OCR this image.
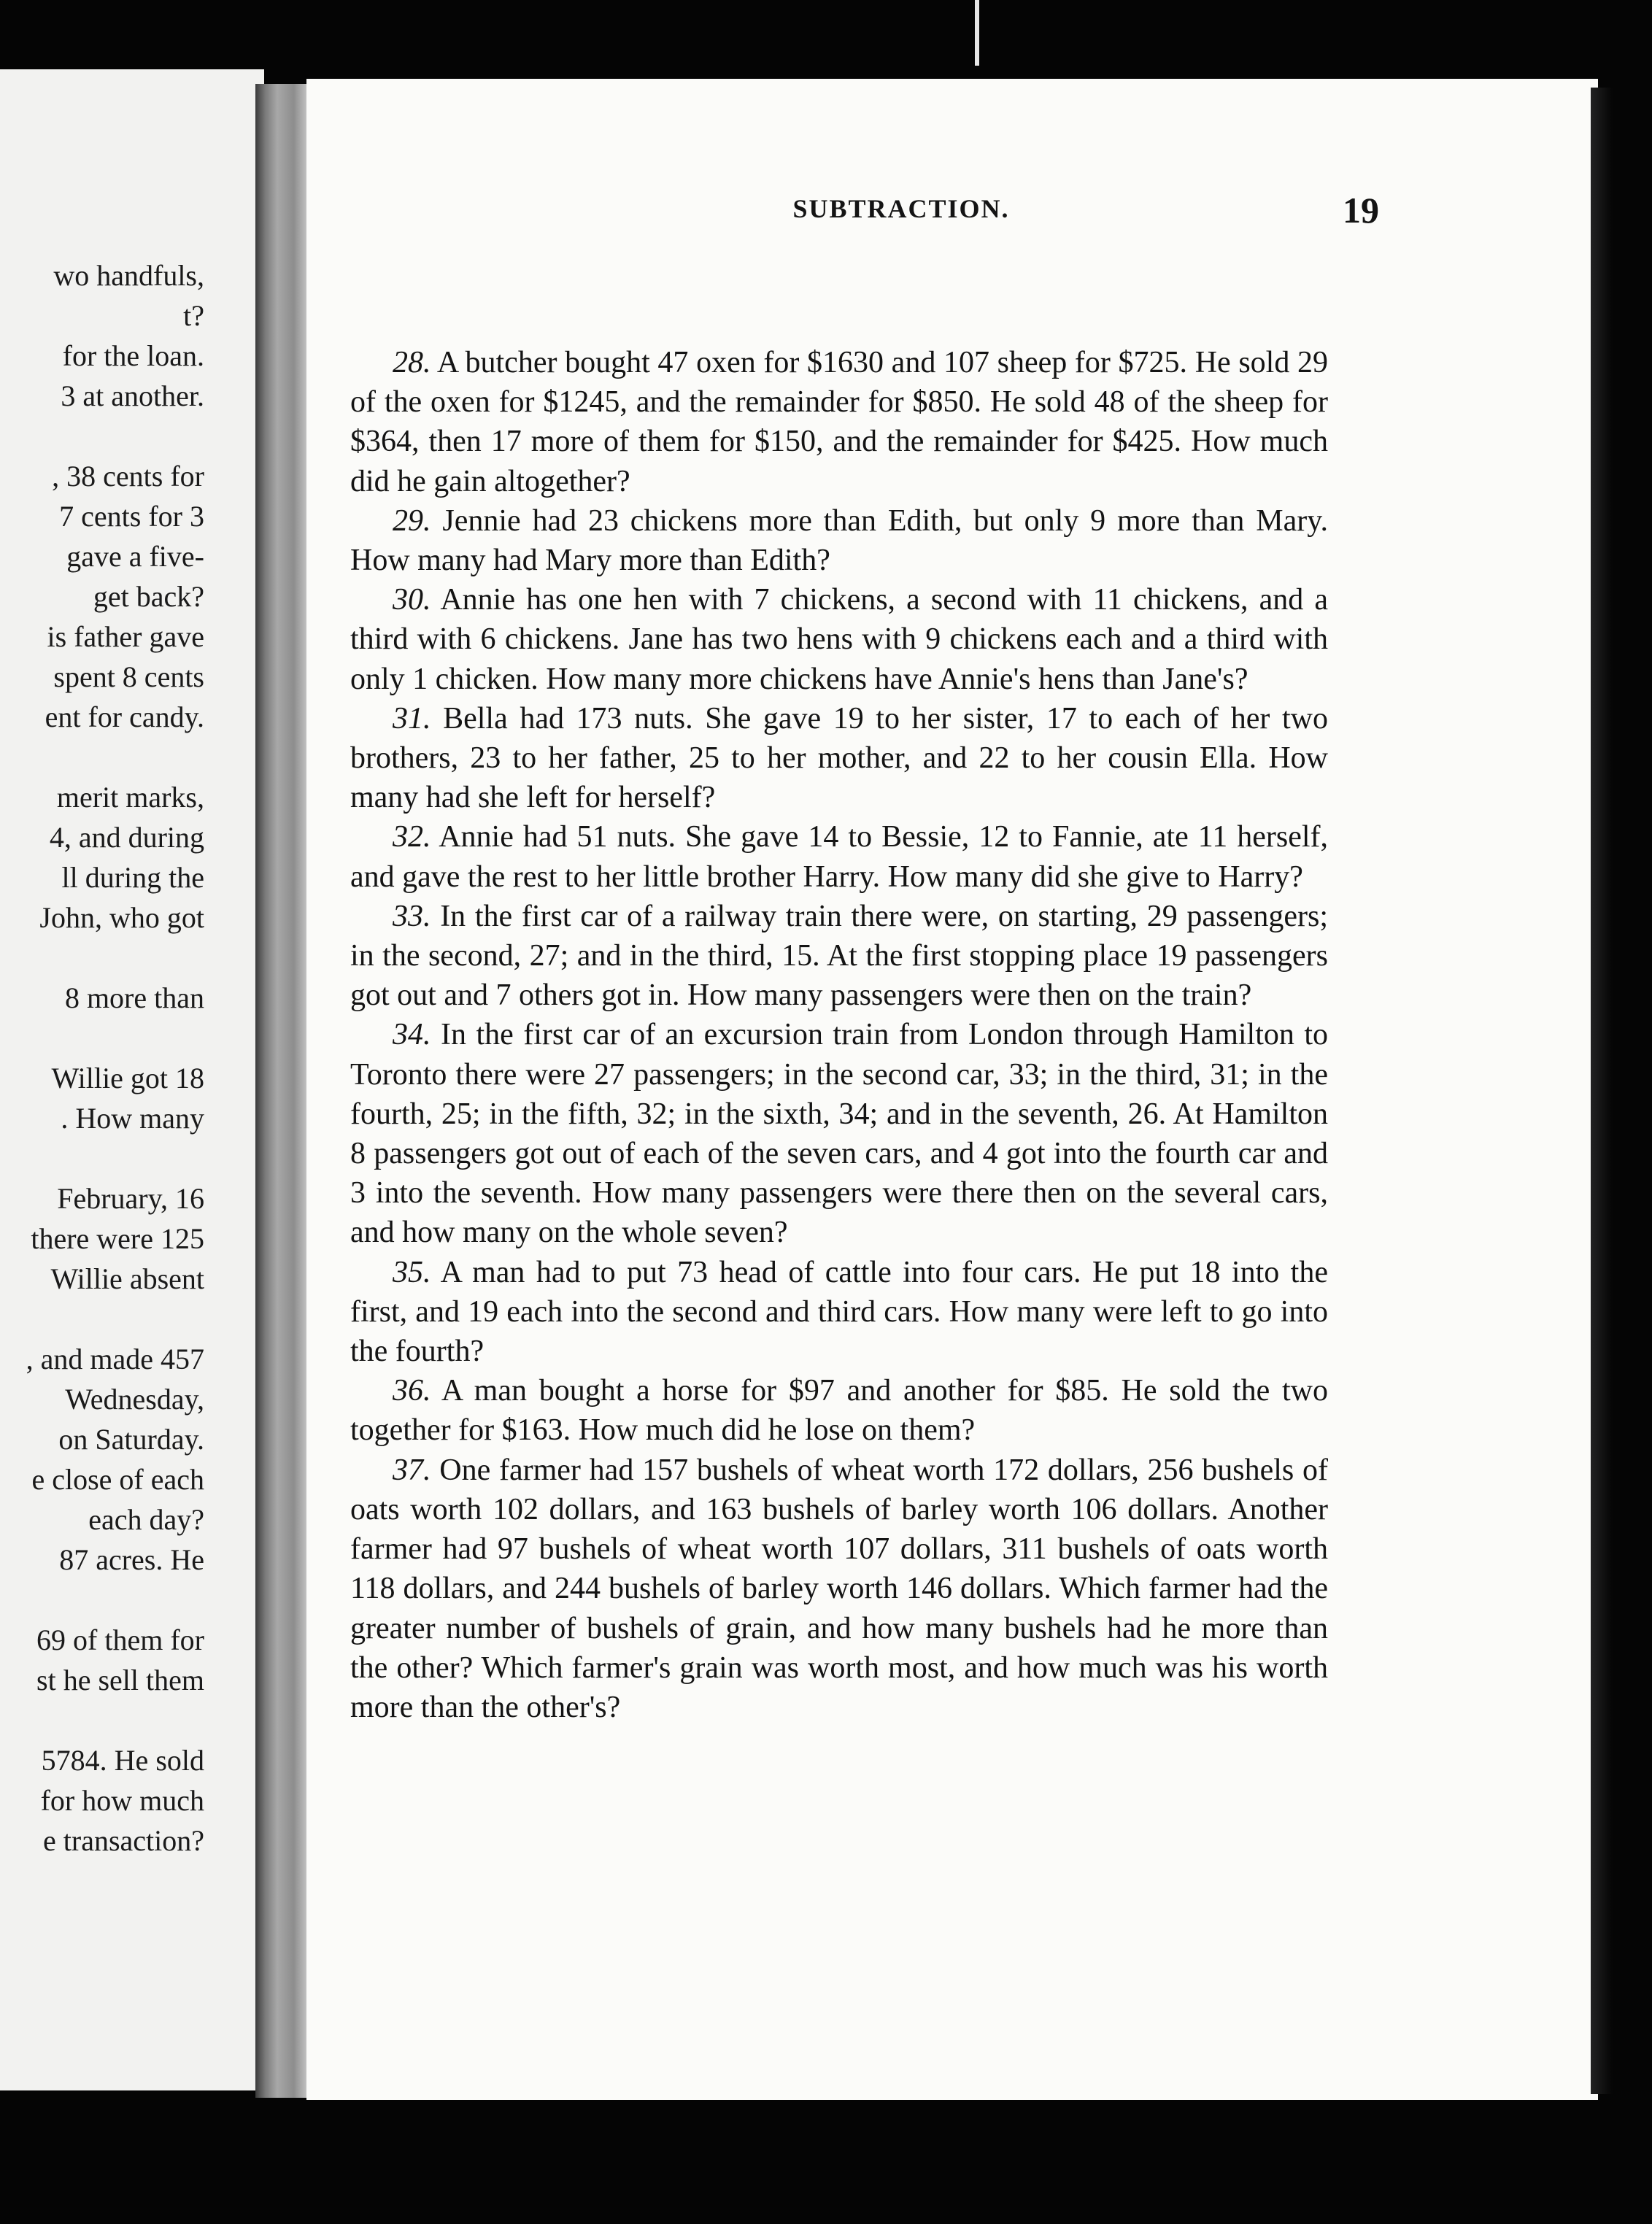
wo handfuls,
t?
for the loan.
3 at another.
, 38 cents for
7 cents for 3
gave a five-
get back?
is father gave
spent 8 cents
ent for candy.
merit marks,
4, and during
ll during the
John, who got
8 more than
Willie got 18
. How many
February, 16
there were 125
Willie absent
, and made 457
Wednesday,
on Saturday.
e close of each
each day?
87 acres. He
69 of them for
st he sell them
5784. He sold
for how much
e transaction?
SUBTRACTION.	19

28. A butcher bought 47 oxen for $1630 and 107 sheep for $725. He sold 29 of the oxen for $1245, and the remainder for $850. He sold 48 of the sheep for $364, then 17 more of them for $150, and the remainder for $425. How much did he gain altogether?

29. Jennie had 23 chickens more than Edith, but only 9 more than Mary. How many had Mary more than Edith?

30. Annie has one hen with 7 chickens, a second with 11 chickens, and a third with 6 chickens. Jane has two hens with 9 chickens each and a third with only 1 chicken. How many more chickens have Annie's hens than Jane's?

31. Bella had 173 nuts. She gave 19 to her sister, 17 to each of her two brothers, 23 to her father, 25 to her mother, and 22 to her cousin Ella. How many had she left for herself?

32. Annie had 51 nuts. She gave 14 to Bessie, 12 to Fannie, ate 11 herself, and gave the rest to her little brother Harry. How many did she give to Harry?

33. In the first car of a railway train there were, on starting, 29 passengers; in the second, 27; and in the third, 15. At the first stopping place 19 passengers got out and 7 others got in. How many passengers were then on the train?

34. In the first car of an excursion train from London through Hamilton to Toronto there were 27 passengers; in the second car, 33; in the third, 31; in the fourth, 25; in the fifth, 32; in the sixth, 34; and in the seventh, 26. At Hamilton 8 passengers got out of each of the seven cars, and 4 got into the fourth car and 3 into the seventh. How many passengers were there then on the several cars, and how many on the whole seven?

35. A man had to put 73 head of cattle into four cars. He put 18 into the first, and 19 each into the second and third cars. How many were left to go into the fourth?

36. A man bought a horse for $97 and another for $85. He sold the two together for $163. How much did he lose on them?

37. One farmer had 157 bushels of wheat worth 172 dollars, 256 bushels of oats worth 102 dollars, and 163 bushels of barley worth 106 dollars. Another farmer had 97 bushels of wheat worth 107 dollars, 311 bushels of oats worth 118 dollars, and 244 bushels of barley worth 146 dollars. Which farmer had the greater number of bushels of grain, and how many bushels had he more than the other? Which farmer's grain was worth most, and how much was his worth more than the other's?
